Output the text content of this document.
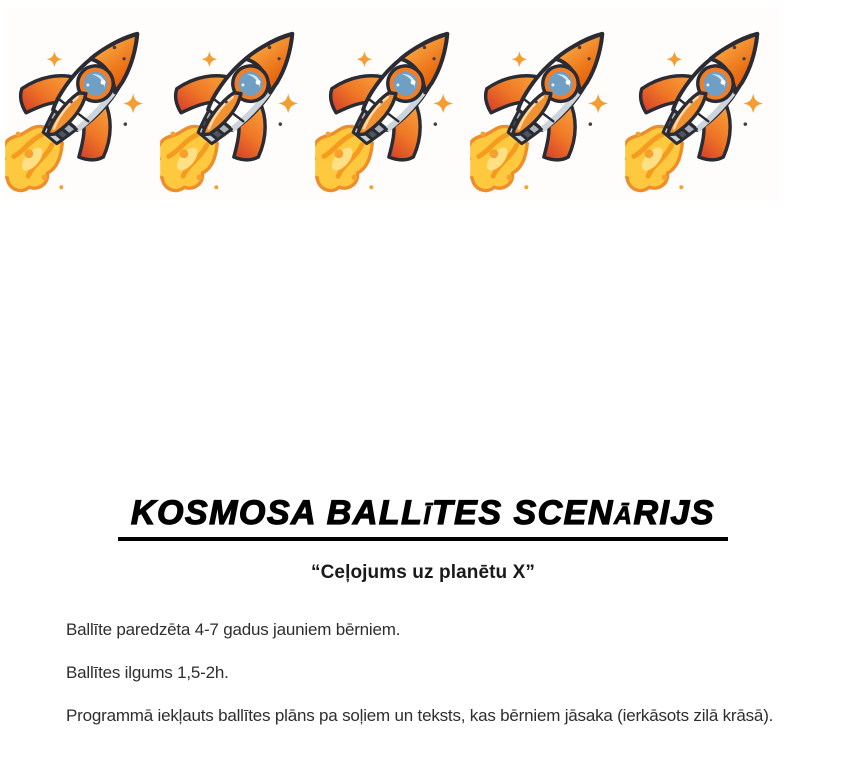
KOSMOSA BALLĪTES SCENĀRIJS
“Ceļojums uz planētu X”

Ballīte paredzēta 4-7 gadus jauniem bērniem.

Ballītes ilgums 1,5-2h.

Programmā iekļauts ballītes plāns pa soļiem un teksts, kas bērniem jāsaka (ierkāsots zilā krāsā).
